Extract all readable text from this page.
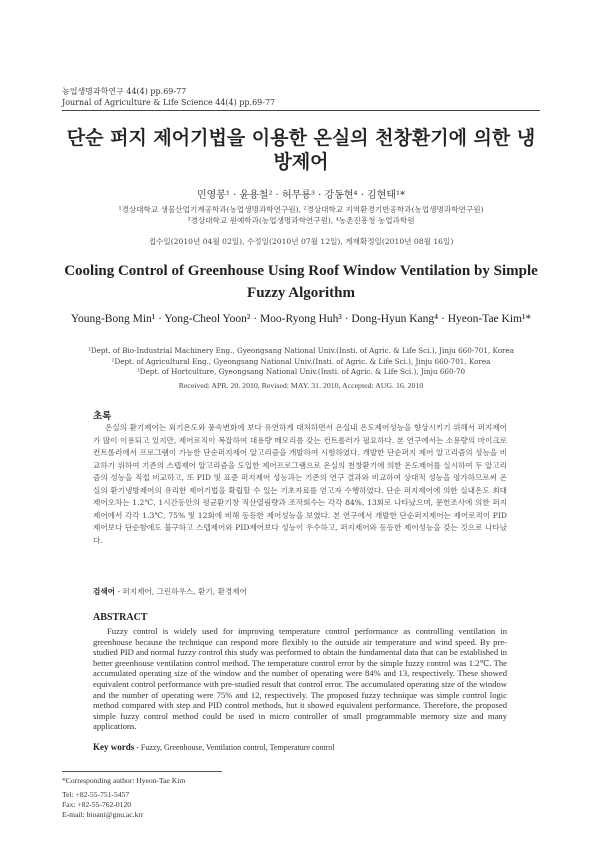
농업생명과학연구 44(4) pp.69-77
Journal of Agriculture & Life Science 44(4) pp.69-77
단순 퍼지 제어기법을 이용한 온실의 천창환기에 의한 냉방제어
민영봉¹ · 윤용철² · 허무룡³ · 강동현⁴ · 김현태¹*
¹경상대학교 생물산업기계공학과(농업생명과학연구원), ²경상대학교 지역환경기반공학과(농업생명과학연구원)
³경상대학교 원예학과(농업생명과학연구원), ⁴농촌진흥청 농업과학원
접수일(2010년 04월 02일), 수정일(2010년 07월 12일), 게재확정일(2010년 08월 16일)
Cooling Control of Greenhouse Using Roof Window Ventilation by Simple Fuzzy Algorithm
Young-Bong Min¹ · Yong-Cheol Yoon² · Moo-Ryong Huh³ · Dong-Hyun Kang⁴ · Hyeon-Tae Kim¹*
¹Dept. of Bio-Industrial Machinery Eng., Gyeongsang National Univ.(Insti. of Agric. & Life Sci.), Jinju 660-701, Korea
²Dept. of Agricultural Eng., Gyeongsang National Univ.(Insti. of Agric. & Life Sci.), Jinju 660-701, Korea
³Dept. of Hortculture, Gyeongsang National Univ.(Insti. of Agric. & Life Sci.), Jinju 660-70
Received: APR. 20. 2010, Revised: MAY. 31. 2010, Accepted: AUG. 16. 2010
초록

온실의 환기제어는 외기온도와 풍속변화에 보다 유연하게 대처하면서 온실내 온도제어성능을 향상시키기 위해서 퍼지제어가 많이 이용되고 있지만, 제어로직이 복잡하여 대용량 메모리를 갖는 컨트롤러가 필요하다. 본 연구에서는 소용량의 마이크로 컨트롤러에서 프로그램이 가능한 단순퍼지제어 알고리즘을 개발하여 시험하였다. 개발한 단순퍼지 제어 알고리즘의 성능을 비교하기 위하여 기존의 스텝제어 알고리즘을 도입한 제어프로그램으로 온실의 천창환기에 의한 온도제어를 실시하여 두 알고리즘의 성능을 직접 비교하고, 또 PID 및 표준 퍼지제어 성능과는 기존의 연구 결과와 비교하여 상대적 성능을 평가하므로써 온실의 환기냉방제어의 유리한 제어기법을 확립할 수 있는 기초자료를 얻고자 수행하였다. 단순 퍼지제어에 의한 실내온도 최대 제어오차는 1.2℃, 1시간동안의 평균환기창 적산열림량과 조작회수는 각각 84%, 13회로 나타났으며, 문헌조사에 의한 퍼지제어에서 각각 1.3℃, 75% 및 12회에 비해 동등한 제어성능을 보였다. 본 연구에서 개발한 단순퍼지제어는 제어로직이 PID제어보다 단순함에도 불구하고 스텝제어와 PID제어보다 성능이 우수하고, 퍼지제어와 동등한 제어성능을 갖는 것으로 나타났다.

검색어 - 퍼지제어, 그린하우스, 환기, 환경제어
ABSTRACT

Fuzzy control is widely used for improving temperature control performance as controlling ventilation in greenhouse because the technique can respond more flexibly to the outside air temperature and wind speed. By pre-studied PID and normal fuzzy control this study was performed to obtain the fundamental data that can be established in better greenhouse ventilation control method. The temperature control error by the simple fuzzy control was 1.2℃. The accumulated operating size of the window and the number of operating were 84% and 13, respectively. These showed equivalent control performance with pre-studied result that control error. The accumulated operating size of the window and the number of operating were 75% and 12, respectively. The proposed fuzzy technique was simple control logic method compared with step and PID control methods, but it showed equivalent performance. Therefore, the proposed simple fuzzy control method could be used in micro controller of small programmable memory size and many applications.

Key words - Fuzzy, Greenhouse, Ventilation control, Temperature control
*Corresponding author: Hyeon-Tae Kim
Tel: +82-55-751-5457
Fax: +82-55-762-0120
E-mail: bioani@gnu.ac.krr
